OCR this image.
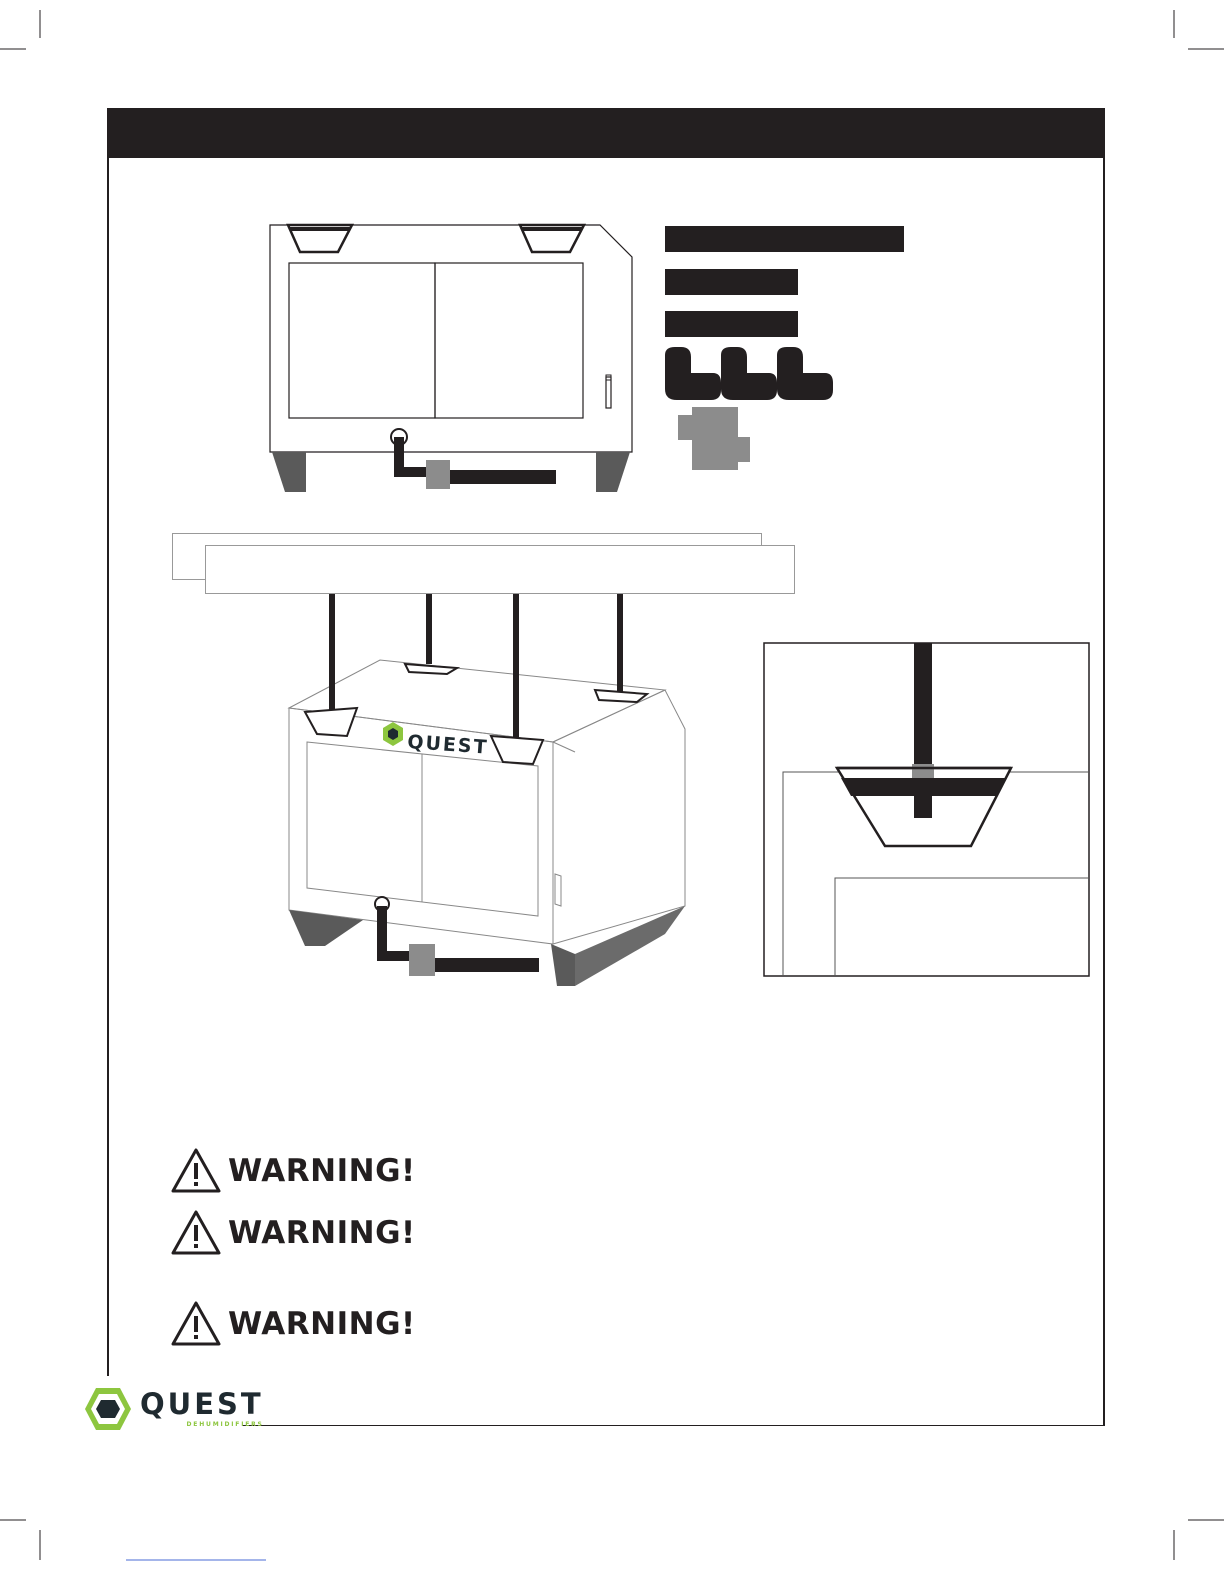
QUEST
WARNING!
WARNING!
WARNING!
QUEST
DEHUMIDIFIERS
